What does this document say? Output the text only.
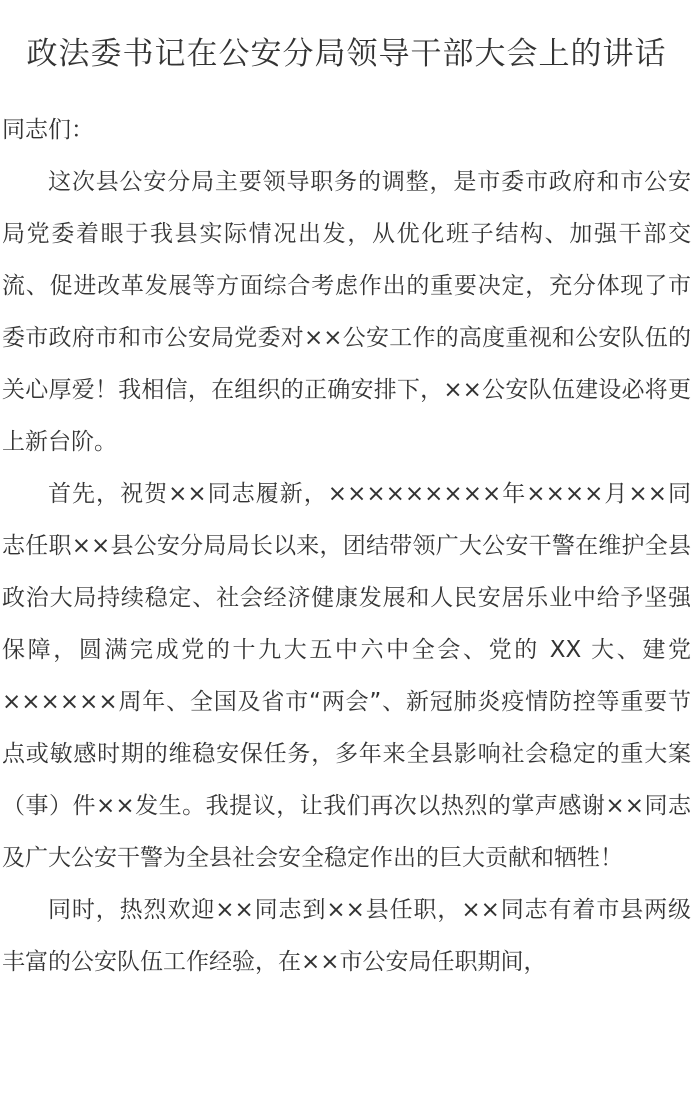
政法委书记在公安分局领导干部大会上的讲话

同志们：

这次县公安分局主要领导职务的调整，是市委市政府和市公安局党委着眼于我县实际情况出发，从优化班子结构、加强干部交流、促进改革发展等方面综合考虑作出的重要决定，充分体现了市委市政府市和市公安局党委对××公安工作的高度重视和公安队伍的关心厚爱！我相信，在组织的正确安排下，××公安队伍建设必将更上新台阶。

首先，祝贺××同志履新，×××××××××年××××月××同志任职××县公安分局局长以来，团结带领广大公安干警在维护全县政治大局持续稳定、社会经济健康发展和人民安居乐业中给予坚强保障，圆满完成党的十九大五中六中全会、党的 XX 大、建党××××××周年、全国及省市“两会”、新冠肺炎疫情防控等重要节点或敏感时期的维稳安保任务，多年来全县影响社会稳定的重大案（事）件××发生。我提议，让我们再次以热烈的掌声感谢××同志及广大公安干警为全县社会安全稳定作出的巨大贡献和牺牲！

同时，热烈欢迎××同志到××县任职，××同志有着市县两级丰富的公安队伍工作经验，在××市公安局任职期间，
